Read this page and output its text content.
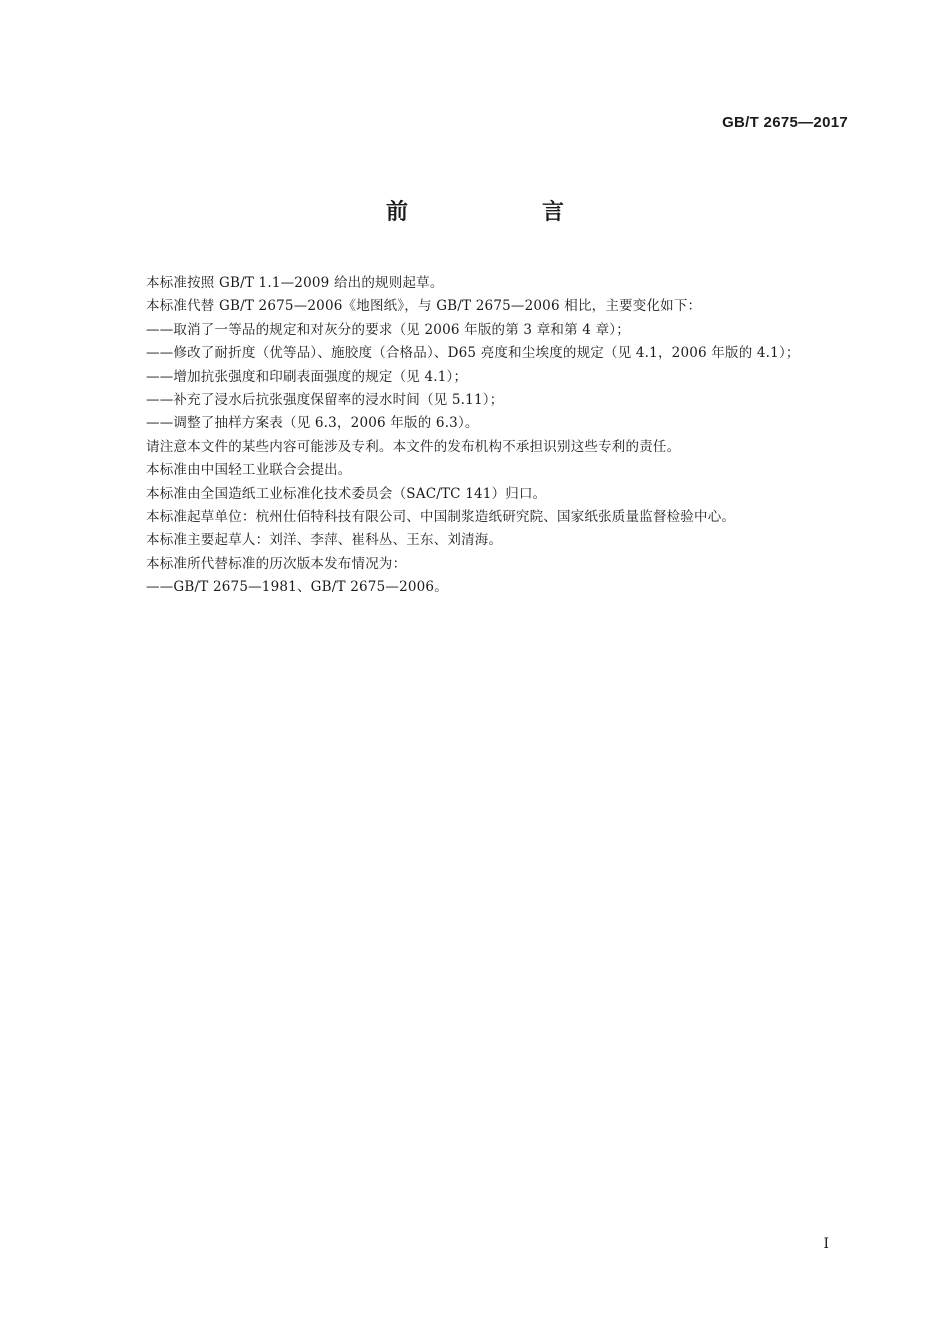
GB/T 2675—2017
前　言
本标准按照 GB/T 1.1—2009 给出的规则起草。
本标准代替 GB/T 2675—2006《地图纸》，与 GB/T 2675—2006 相比，主要变化如下：
——取消了一等品的规定和对灰分的要求（见 2006 年版的第 3 章和第 4 章）；
——修改了耐折度（优等品）、施胶度（合格品）、D65 亮度和尘埃度的规定（见 4.1，2006 年版的 4.1）；
——增加抗张强度和印刷表面强度的规定（见 4.1）；
——补充了浸水后抗张强度保留率的浸水时间（见 5.11）；
——调整了抽样方案表（见 6.3，2006 年版的 6.3）。
请注意本文件的某些内容可能涉及专利。本文件的发布机构不承担识别这些专利的责任。
本标准由中国轻工业联合会提出。
本标准由全国造纸工业标准化技术委员会（SAC/TC 141）归口。
本标准起草单位：杭州仕佰特科技有限公司、中国制浆造纸研究院、国家纸张质量监督检验中心。
本标准主要起草人：刘洋、李萍、崔科丛、王东、刘清海。
本标准所代替标准的历次版本发布情况为：
——GB/T 2675—1981、GB/T 2675—2006。
I
